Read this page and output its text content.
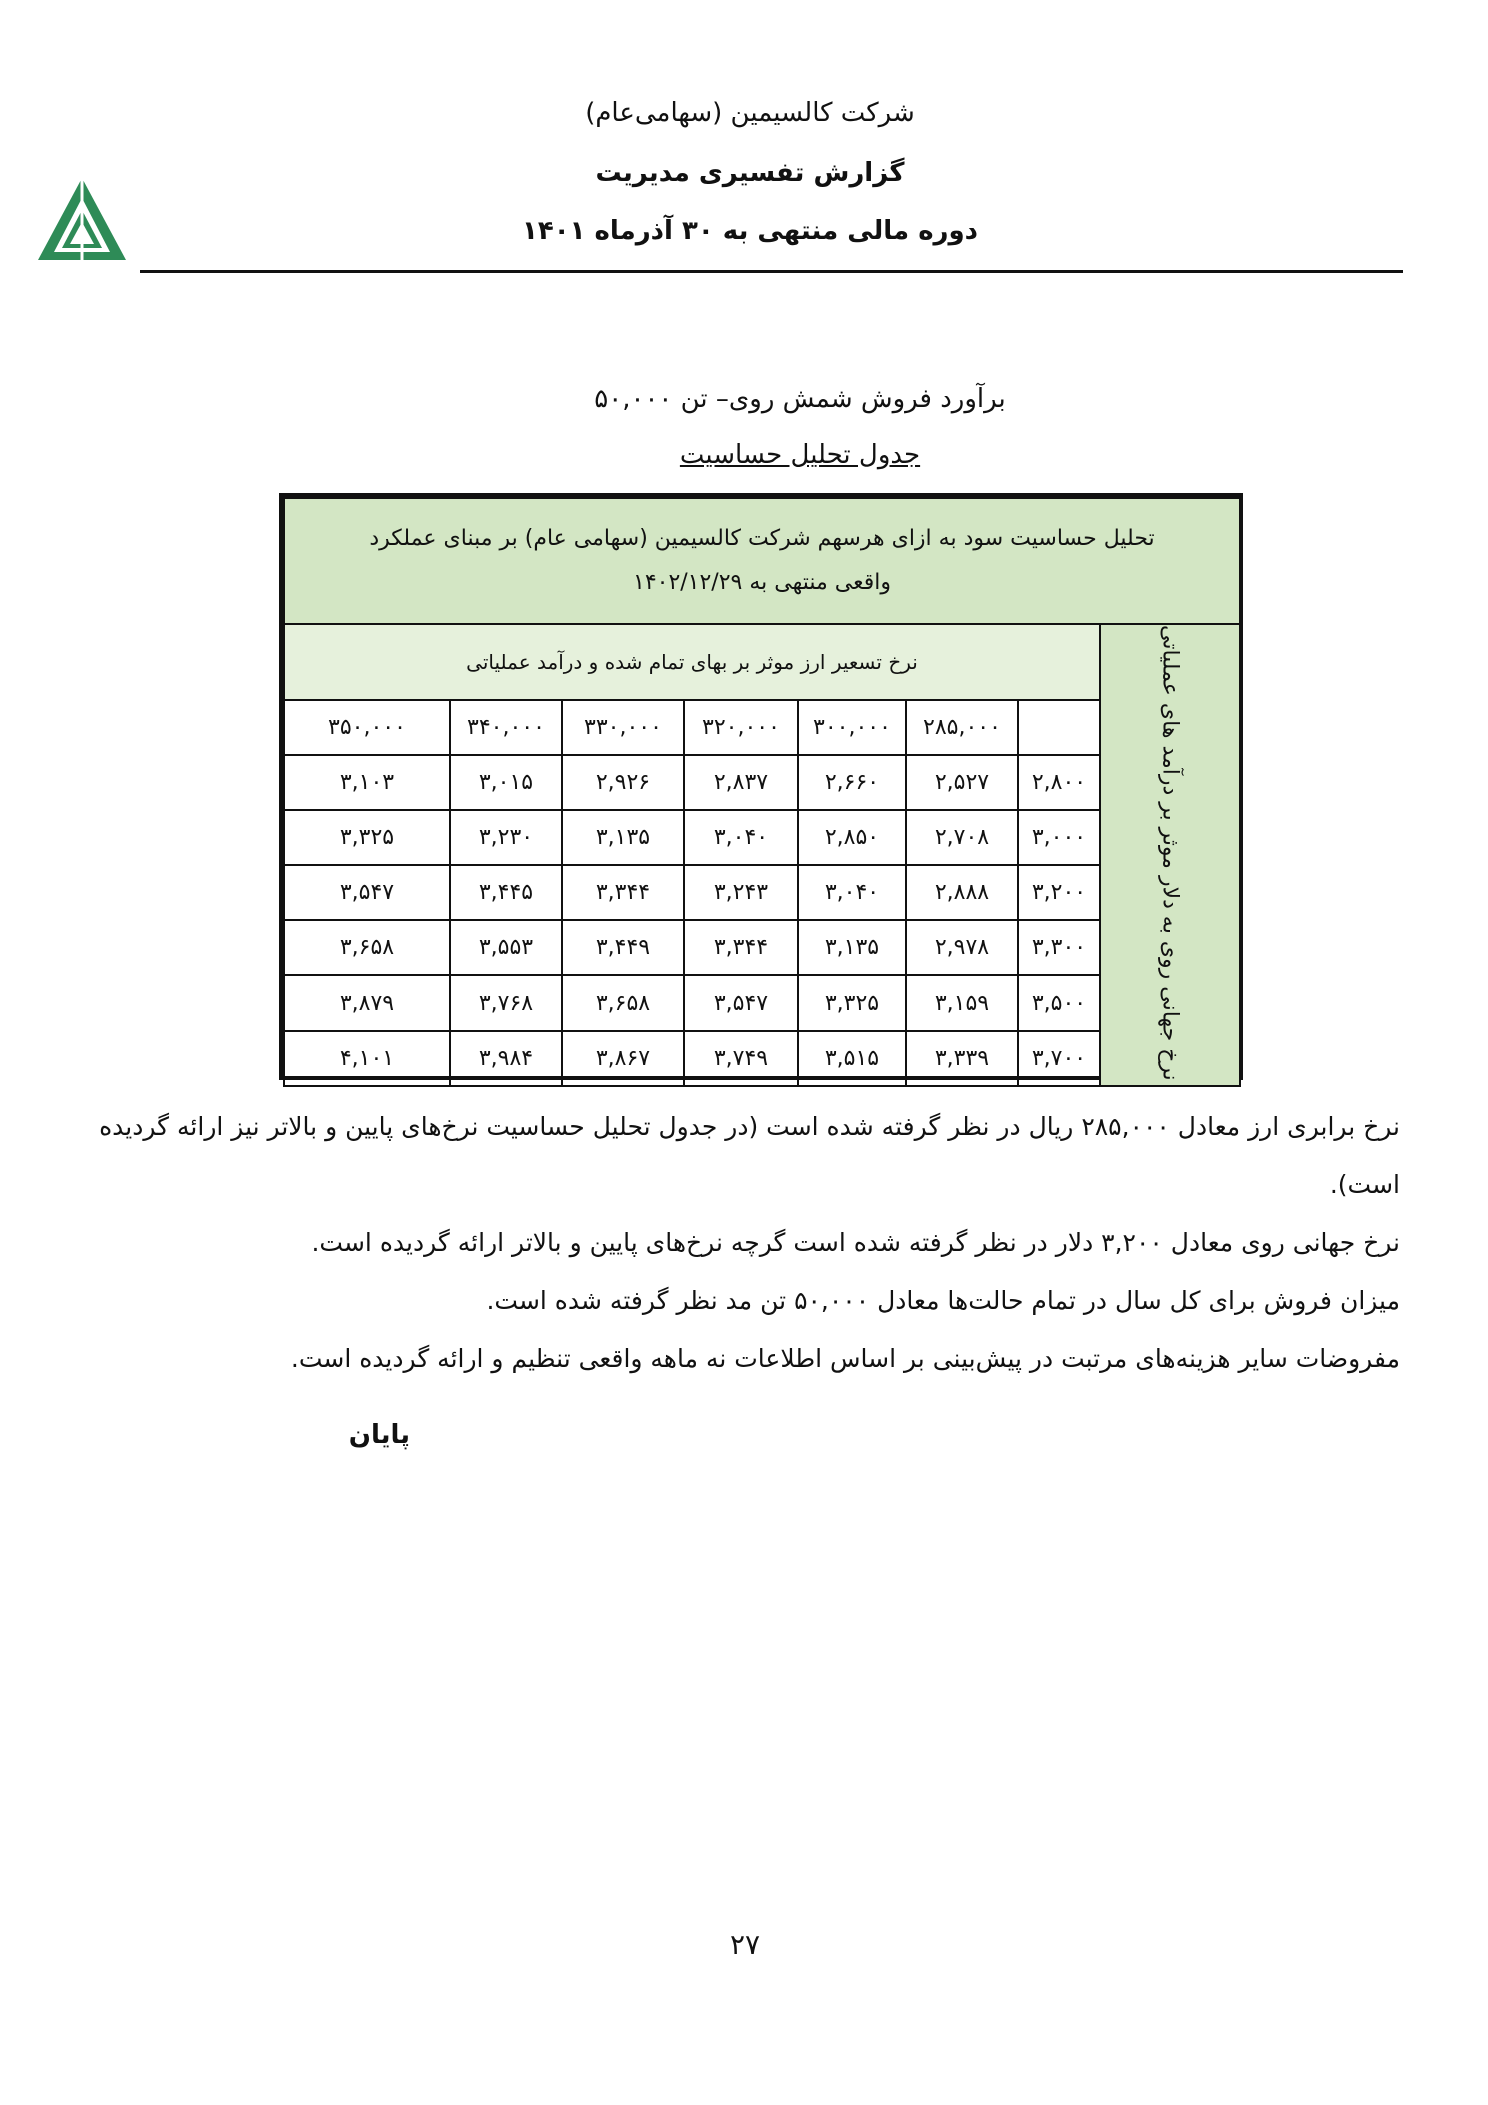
شرکت کالسیمین (سهامی‌عام)
گزارش تفسیری مدیریت
دوره مالی منتهی به ۳۰ آذرماه ۱۴۰۱
برآورد فروش شمش روی– تن ۵۰,۰۰۰
جدول تحلیل حساسیت
تحلیل حساسیت سود به ازای هرسهم شرکت کالسیمین (سهامی عام) بر مبنای عملکرد واقعی منتهی به ۱۴۰۲/۱۲/۲۹							
نرخ جهانی روی به دلار موثر بر درآمد های عملیاتی	نرخ تسعیر ارز موثر بر بهای تمام شده و درآمد عملیاتی						
		۲۸۵,۰۰۰	۳۰۰,۰۰۰	۳۲۰,۰۰۰	۳۳۰,۰۰۰	۳۴۰,۰۰۰	۳۵۰,۰۰۰
	۲,۸۰۰	۲,۵۲۷	۲,۶۶۰	۲,۸۳۷	۲,۹۲۶	۳,۰۱۵	۳,۱۰۳
	۳,۰۰۰	۲,۷۰۸	۲,۸۵۰	۳,۰۴۰	۳,۱۳۵	۳,۲۳۰	۳,۳۲۵
	۳,۲۰۰	۲,۸۸۸	۳,۰۴۰	۳,۲۴۳	۳,۳۴۴	۳,۴۴۵	۳,۵۴۷
	۳,۳۰۰	۲,۹۷۸	۳,۱۳۵	۳,۳۴۴	۳,۴۴۹	۳,۵۵۳	۳,۶۵۸
	۳,۵۰۰	۳,۱۵۹	۳,۳۲۵	۳,۵۴۷	۳,۶۵۸	۳,۷۶۸	۳,۸۷۹
	۳,۷۰۰	۳,۳۳۹	۳,۵۱۵	۳,۷۴۹	۳,۸۶۷	۳,۹۸۴	۴,۱۰۱
نرخ برابری ارز معادل ۲۸۵,۰۰۰ ریال در نظر گرفته شده است (در جدول تحلیل حساسیت نرخ‌های پایین و بالاتر نیز ارائه گردیده است).
نرخ جهانی روی معادل ۳,۲۰۰ دلار در نظر گرفته شده است گرچه نرخ‌های پایین و بالاتر ارائه گردیده است.
میزان فروش برای کل سال در تمام حالت‌ها معادل ۵۰,۰۰۰ تن مد نظر گرفته شده است.
مفروضات سایر هزینه‌های مرتبت در پیش‌بینی بر اساس اطلاعات نه ماهه واقعی تنظیم و ارائه گردیده است.
پایان
۲۷
